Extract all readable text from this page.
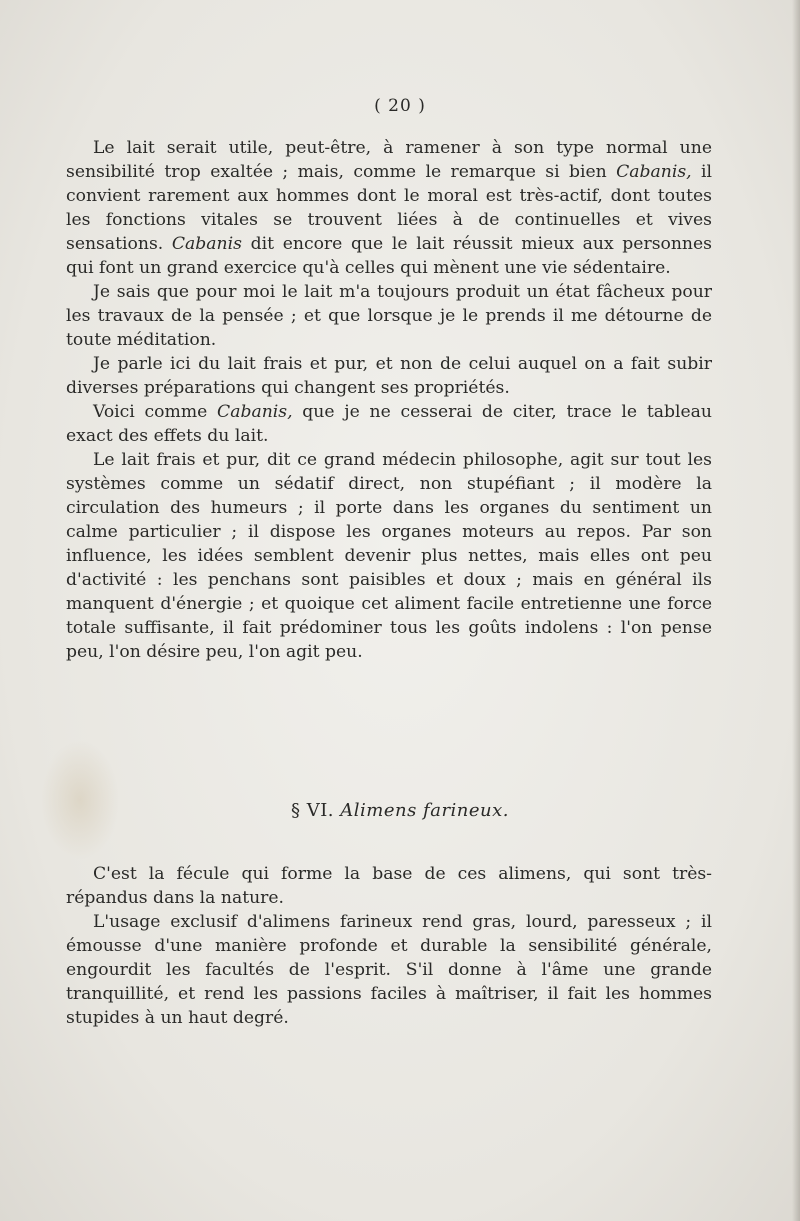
( 20 )

Le lait serait utile, peut-être, à ramener à son type normal une sensibilité trop exaltée ; mais, comme le remarque si bien Cabanis, il convient rarement aux hommes dont le moral est très-actif, dont toutes les fonctions vitales se trouvent liées à de continuelles et vives sensations. Cabanis dit encore que le lait réussit mieux aux personnes qui font un grand exercice qu'à celles qui mènent une vie sédentaire.

Je sais que pour moi le lait m'a toujours produit un état fâcheux pour les travaux de la pensée ; et que lorsque je le prends il me détourne de toute méditation.

Je parle ici du lait frais et pur, et non de celui auquel on a fait subir diverses préparations qui changent ses propriétés.

Voici comme Cabanis, que je ne cesserai de citer, trace le tableau exact des effets du lait.

Le lait frais et pur, dit ce grand médecin philosophe, agit sur tout les systèmes comme un sédatif direct, non stupéfiant ; il modère la circulation des humeurs ; il porte dans les organes du sentiment un calme particulier ; il dispose les organes moteurs au repos. Par son influence, les idées semblent devenir plus nettes, mais elles ont peu d'activité : les penchans sont paisibles et doux ; mais en général ils manquent d'énergie ; et quoique cet aliment facile entretienne une force totale suffisante, il fait prédominer tous les goûts indolens : l'on pense peu, l'on désire peu, l'on agit peu.

§ VI. Alimens farineux.

C'est la fécule qui forme la base de ces alimens, qui sont très-répandus dans la nature.

L'usage exclusif d'alimens farineux rend gras, lourd, paresseux ; il émousse d'une manière profonde et durable la sensibilité générale, engourdit les facultés de l'esprit. S'il donne à l'âme une grande tranquillité, et rend les passions faciles à maîtriser, il fait les hommes stupides à un haut degré.
